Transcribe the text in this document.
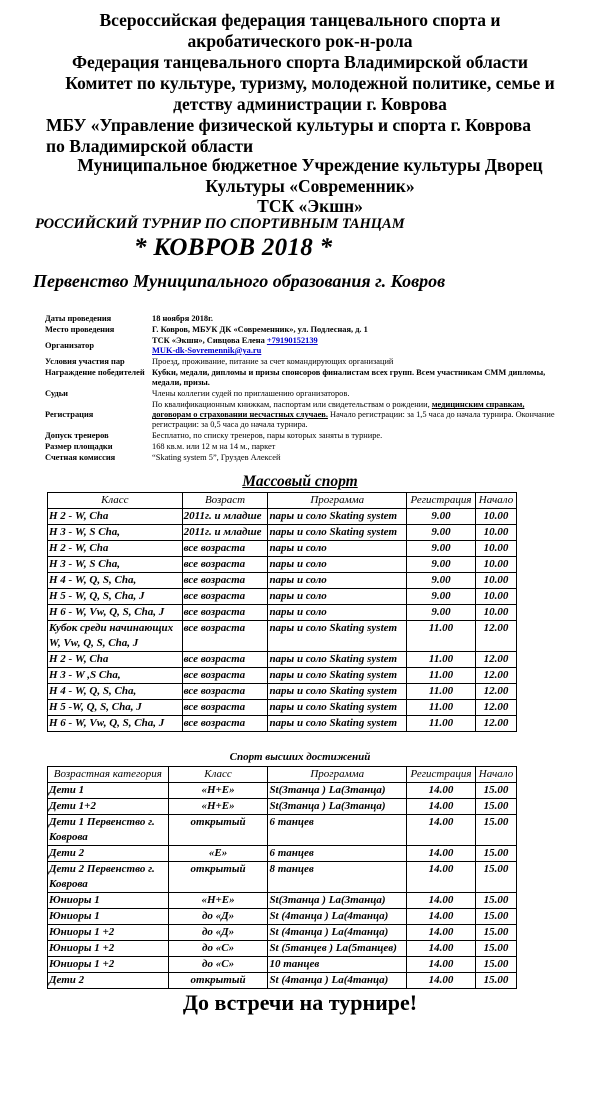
Всероссийская федерация танцевального спорта и
акробатического рок-н-рола
Федерация танцевального спорта Владимирской области
Комитет по культуре, туризму, молодежной политике, семье и
детству администрации г. Коврова
МБУ «Управление физической культуры и спорта г. Коврова
по Владимирской области
Муниципальное бюджетное Учреждение культуры Дворец
Культуры «Современник»
ТСК «Экшн»
РОССИЙСКИЙ ТУРНИР ПО СПОРТИВНЫМ ТАНЦАМ
* КОВРОВ 2018 *
Первенство Муниципального образования г. Ковров
Даты проведения	18 ноября 2018г.
Место проведения	Г. Ковров, МБУК ДК «Современник», ул. Подлесная, д. 1
Организатор	ТСК «Экшн», Сивцова Елена +79190152139
MUK-dk-Sovremennik@ya.ru
Условия участия пар	Проезд, проживание, питание за счет командирующих организаций
Награждение победителей	Кубки, медали, дипломы и призы спонсоров финалистам всех групп. Всем участникам СММ дипломы, медали, призы.
Судьи	Члены коллегии судей по приглашению организаторов.
Регистрация	По квалификационным книжкам, паспортам или свидетельствам о рождении, медицинским справкам, договорам о страховании несчастных случаев. Начало регистрации: за 1,5 часа до начала турнира. Окончание регистрации: за 0,5 часа до начала турнира.
Допуск тренеров	Бесплатно, по списку тренеров, пары которых заняты в турнире.
Размер площадки	168 кв.м. или 12 м на 14 м., паркет
Счетная комиссия	“Skating system 5”, Груздев Алексей
Массовый спорт
Класс	Возраст	Программа	Регистрация	Начало
Н 2 - W, Cha	2011г. и младше	пары и соло Skating system	9.00	10.00
Н 3 - W, S Cha,	2011г. и младше	пары и соло Skating system	9.00	10.00
Н 2 - W, Cha	все возраста	пары и соло	9.00	10.00
Н 3 - W, S Cha,	все возраста	пары и соло	9.00	10.00
Н 4 - W, Q, S, Cha,	все возраста	пары и соло	9.00	10.00
Н 5 - W, Q, S, Cha, J	все возраста	пары и соло	9.00	10.00
Н 6 - W, Vw, Q, S, Cha, J	все возраста	пары и соло	9.00	10.00
Кубок среди начинающих W, Vw, Q, S, Cha, J	все возраста	пары и соло Skating system	11.00	12.00
Н 2 - W, Cha	все возраста	пары и соло Skating system	11.00	12.00
Н 3 - W ,S Cha,	все возраста	пары и соло Skating system	11.00	12.00
Н 4 - W, Q, S, Cha,	все возраста	пары и соло Skating system	11.00	12.00
Н 5 -W, Q, S, Cha, J	все возраста	пары и соло Skating system	11.00	12.00
Н 6 - W, Vw, Q, S, Cha, J	все возраста	пары и соло Skating system	11.00	12.00
Спорт высших достижений
Возрастная категория	Класс	Программа	Регистрация	Начало
Дети 1	«Н+Е»	St(3танца ) La(3танца)	14.00	15.00
Дети 1+2	«Н+Е»	St(3танца ) La(3танца)	14.00	15.00
Дети 1 Первенство г. Коврова	открытый	6 танцев	14.00	15.00
Дети 2	«Е»	6 танцев	14.00	15.00
Дети 2 Первенство г. Коврова	открытый	8 танцев	14.00	15.00
Юниоры 1	«Н+Е»	St(3танца ) La(3танца)	14.00	15.00
Юниоры 1	до «Д»	St (4танца ) La(4танца)	14.00	15.00
Юниоры 1 +2	до «Д»	St (4танца ) La(4танца)	14.00	15.00
Юниоры 1 +2	до «С»	St (5танцев ) La(5танцев)	14.00	15.00
Юниоры 1 +2	до «С»	10 танцев	14.00	15.00
Дети 2	открытый	St (4танца ) La(4танца)	14.00	15.00
До встречи на турнире!
